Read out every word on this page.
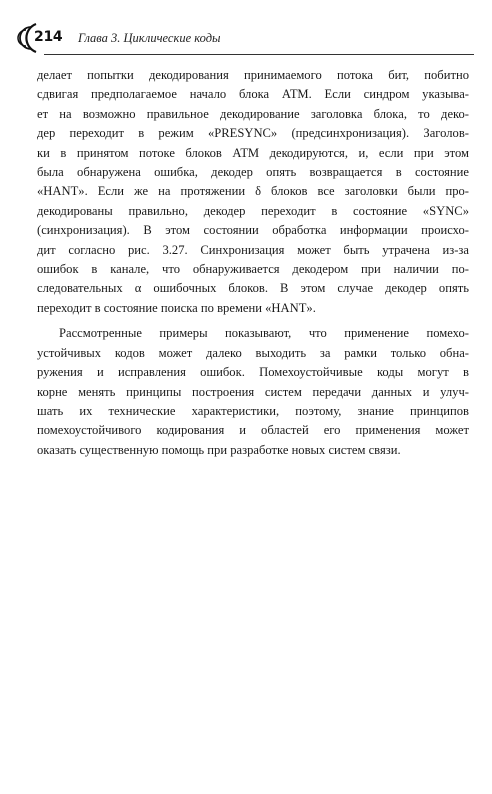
214 Глава 3. Циклические коды

делает попытки декодирования принимаемого потока бит, побитно
сдвигая предполагаемое начало блока АТМ. Если синдром указыва-
ет на возможно правильное декодирование заголовка блока, то деко-
дер переходит в режим «PRESYNC» (предсинхронизация). Заголов-
ки в принятом потоке блоков АТМ декодируются, и, если при этом
была обнаружена ошибка, декодер опять возвращается в состояние
«HANT». Если же на протяжении δ блоков все заголовки были про-
декодированы правильно, декодер переходит в состояние «SYNC»
(синхронизация). В этом состоянии обработка информации происхо-
дит согласно рис. 3.27. Синхронизация может быть утрачена из-за
ошибок в канале, что обнаруживается декодером при наличии по-
следовательных α ошибочных блоков. В этом случае декодер опять
переходит в состояние поиска по времени «HANT».

Рассмотренные примеры показывают, что применение помехо-
устойчивых кодов может далеко выходить за рамки только обна-
ружения и исправления ошибок. Помехоустойчивые коды могут в
корне менять принципы построения систем передачи данных и улуч-
шать их технические характеристики, поэтому, знание принципов
помехоустойчивого кодирования и областей его применения может
оказать существенную помощь при разработке новых систем связи.
